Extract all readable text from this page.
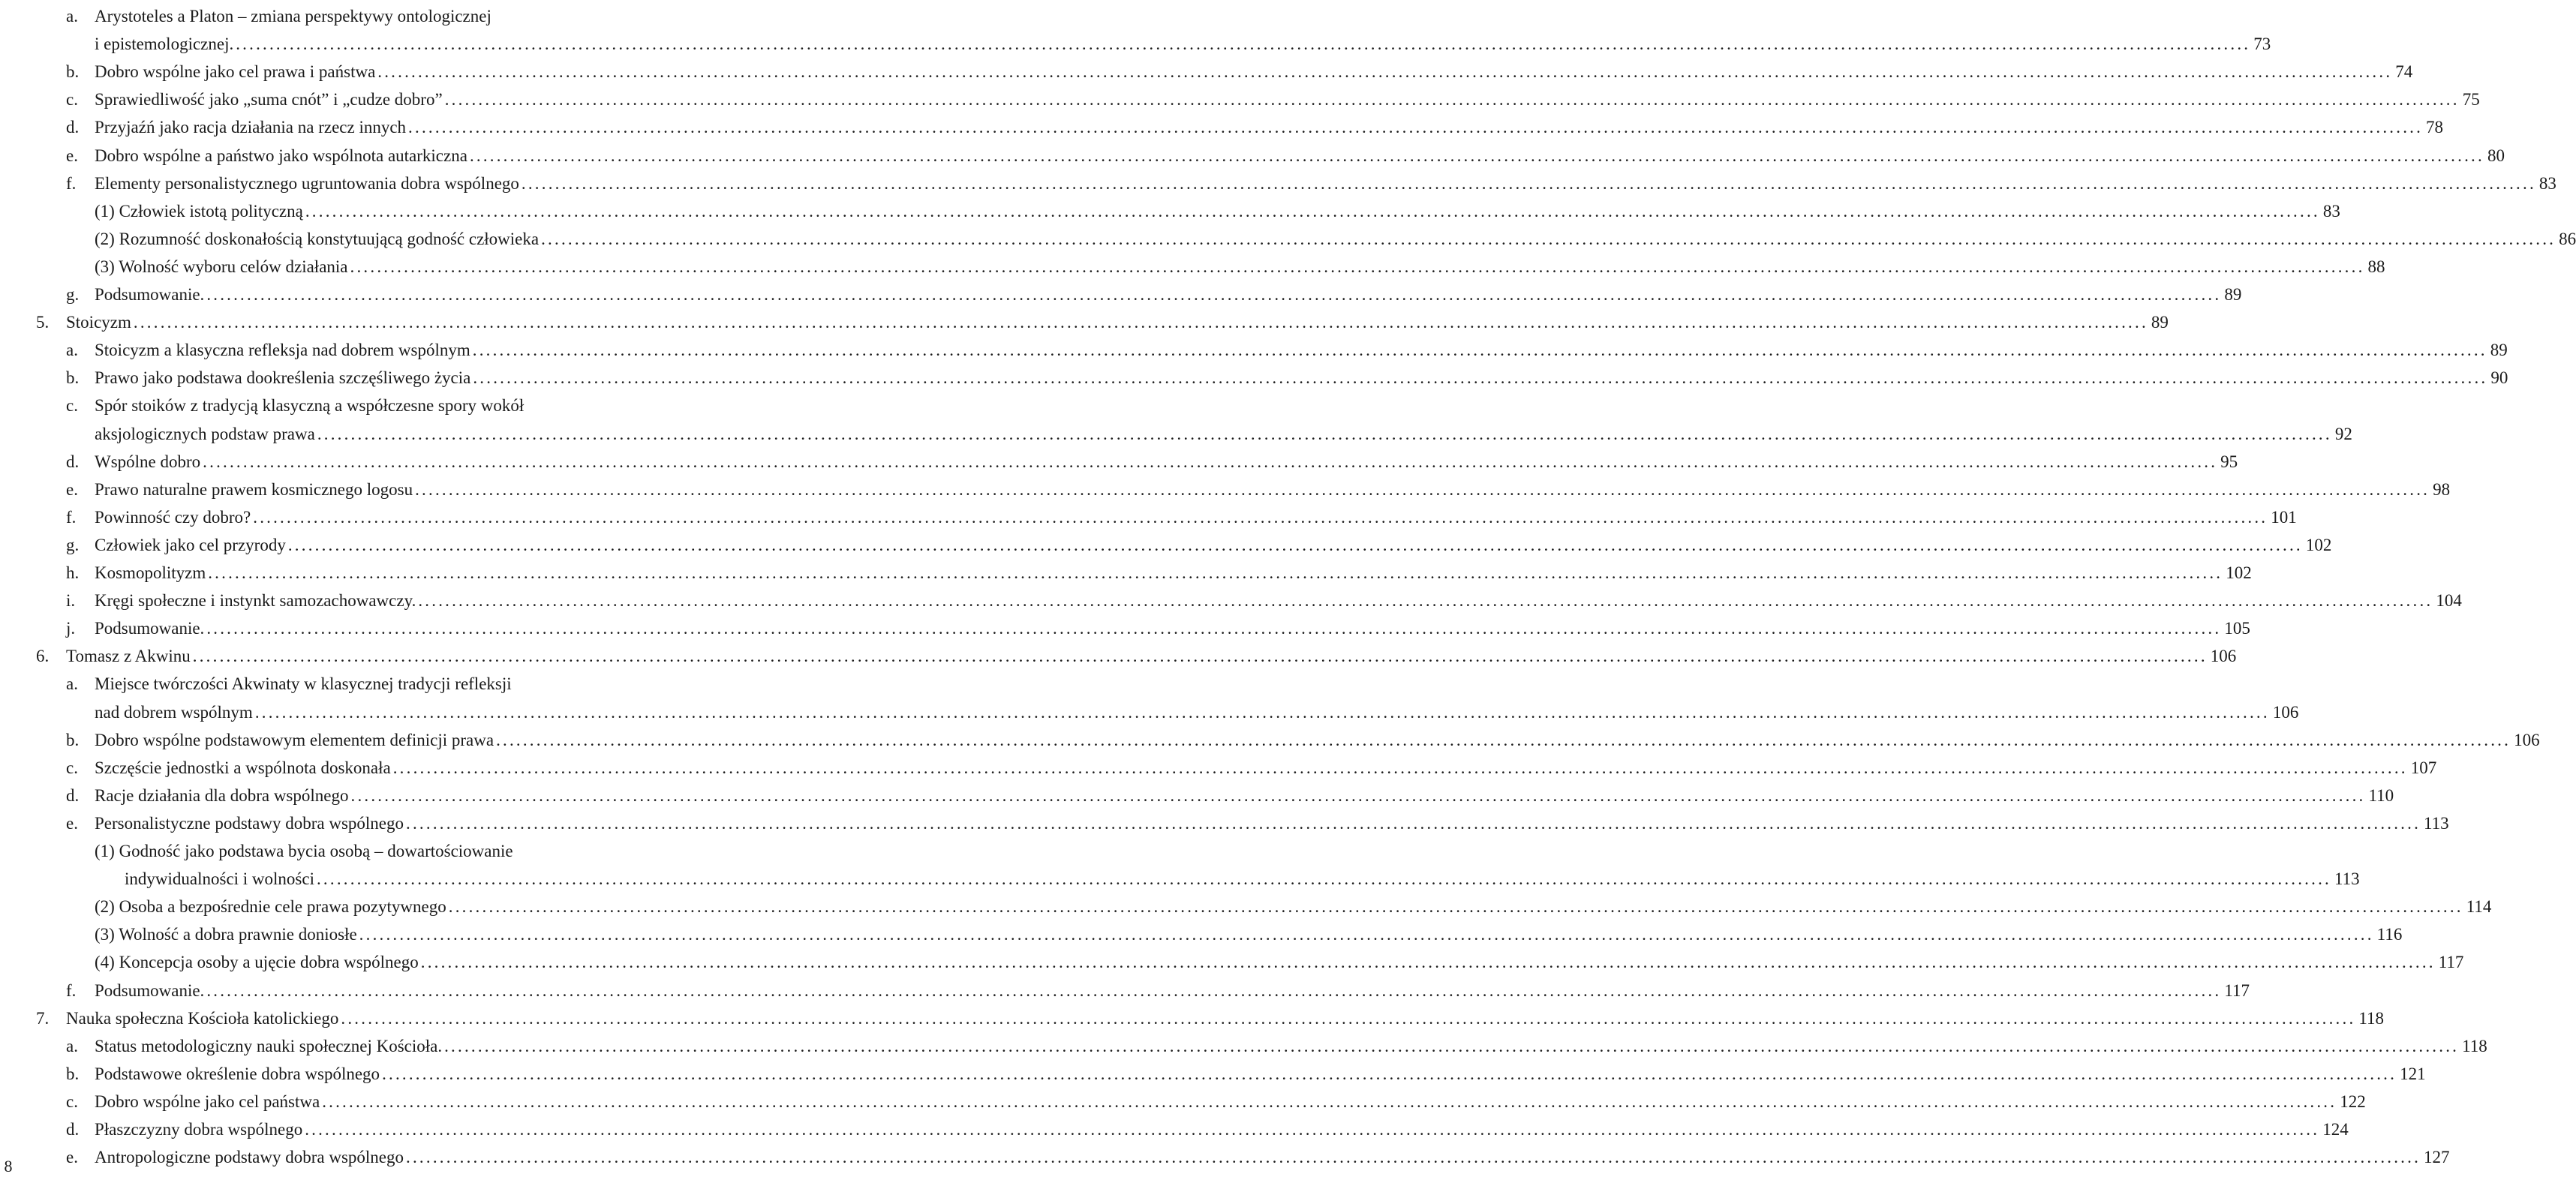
a. Arystoteles a Platon – zmiana perspektywy ontologicznej
i epistemologicznej. ............................................................................................................................................................................................................................................................................................................ 73
b. Dobro wspólne jako cel prawa i państwa ............................................................................................................................................................................................................................................................................................................ 74
c. Sprawiedliwość jako „suma cnót” i „cudze dobro” ............................................................................................................................................................................................................................................................................................................ 75
d. Przyjaźń jako racja działania na rzecz innych ............................................................................................................................................................................................................................................................................................................ 78
e. Dobro wspólne a państwo jako wspólnota autarkiczna ............................................................................................................................................................................................................................................................................................................ 80
f. Elementy personalistycznego ugruntowania dobra wspólnego ............................................................................................................................................................................................................................................................................................................ 83
(1) Człowiek istotą polityczną ............................................................................................................................................................................................................................................................................................................ 83
(2) Rozumność doskonałością konstytuującą godność człowieka ............................................................................................................................................................................................................................................................................................................ 86
(3) Wolność wyboru celów działania ............................................................................................................................................................................................................................................................................................................ 88
g. Podsumowanie. ............................................................................................................................................................................................................................................................................................................ 89
5. Stoicyzm ............................................................................................................................................................................................................................................................................................................ 89
a. Stoicyzm a klasyczna refleksja nad dobrem wspólnym ............................................................................................................................................................................................................................................................................................................ 89
b. Prawo jako podstawa dookreślenia szczęśliwego życia ............................................................................................................................................................................................................................................................................................................ 90
c. Spór stoików z tradycją klasyczną a współczesne spory wokół
aksjologicznych podstaw prawa ............................................................................................................................................................................................................................................................................................................ 92
d. Wspólne dobro ............................................................................................................................................................................................................................................................................................................ 95
e. Prawo naturalne prawem kosmicznego logosu ............................................................................................................................................................................................................................................................................................................ 98
f. Powinność czy dobro? ............................................................................................................................................................................................................................................................................................................ 101
g. Człowiek jako cel przyrody ............................................................................................................................................................................................................................................................................................................ 102
h. Kosmopolityzm ............................................................................................................................................................................................................................................................................................................ 102
i. Kręgi społeczne i instynkt samozachowawczy. ............................................................................................................................................................................................................................................................................................................ 104
j. Podsumowanie. ............................................................................................................................................................................................................................................................................................................ 105
6. Tomasz z Akwinu ............................................................................................................................................................................................................................................................................................................ 106
a. Miejsce twórczości Akwinaty w klasycznej tradycji refleksji
nad dobrem wspólnym ............................................................................................................................................................................................................................................................................................................ 106
b. Dobro wspólne podstawowym elementem definicji prawa ............................................................................................................................................................................................................................................................................................................ 106
c. Szczęście jednostki a wspólnota doskonała ............................................................................................................................................................................................................................................................................................................ 107
d. Racje działania dla dobra wspólnego ............................................................................................................................................................................................................................................................................................................ 110
e. Personalistyczne podstawy dobra wspólnego ............................................................................................................................................................................................................................................................................................................ 113
(1) Godność jako podstawa bycia osobą – dowartościowanie
indywidualności i wolności ............................................................................................................................................................................................................................................................................................................ 113
(2) Osoba a bezpośrednie cele prawa pozytywnego ............................................................................................................................................................................................................................................................................................................ 114
(3) Wolność a dobra prawnie doniosłe ............................................................................................................................................................................................................................................................................................................ 116
(4) Koncepcja osoby a ujęcie dobra wspólnego ............................................................................................................................................................................................................................................................................................................ 117
f. Podsumowanie. ............................................................................................................................................................................................................................................................................................................ 117
7. Nauka społeczna Kościoła katolickiego ............................................................................................................................................................................................................................................................................................................ 118
a. Status metodologiczny nauki społecznej Kościoła. ............................................................................................................................................................................................................................................................................................................ 118
b. Podstawowe określenie dobra wspólnego ............................................................................................................................................................................................................................................................................................................ 121
c. Dobro wspólne jako cel państwa ............................................................................................................................................................................................................................................................................................................ 122
d. Płaszczyzny dobra wspólnego ............................................................................................................................................................................................................................................................................................................ 124
e. Antropologiczne podstawy dobra wspólnego ............................................................................................................................................................................................................................................................................................................ 127
8
